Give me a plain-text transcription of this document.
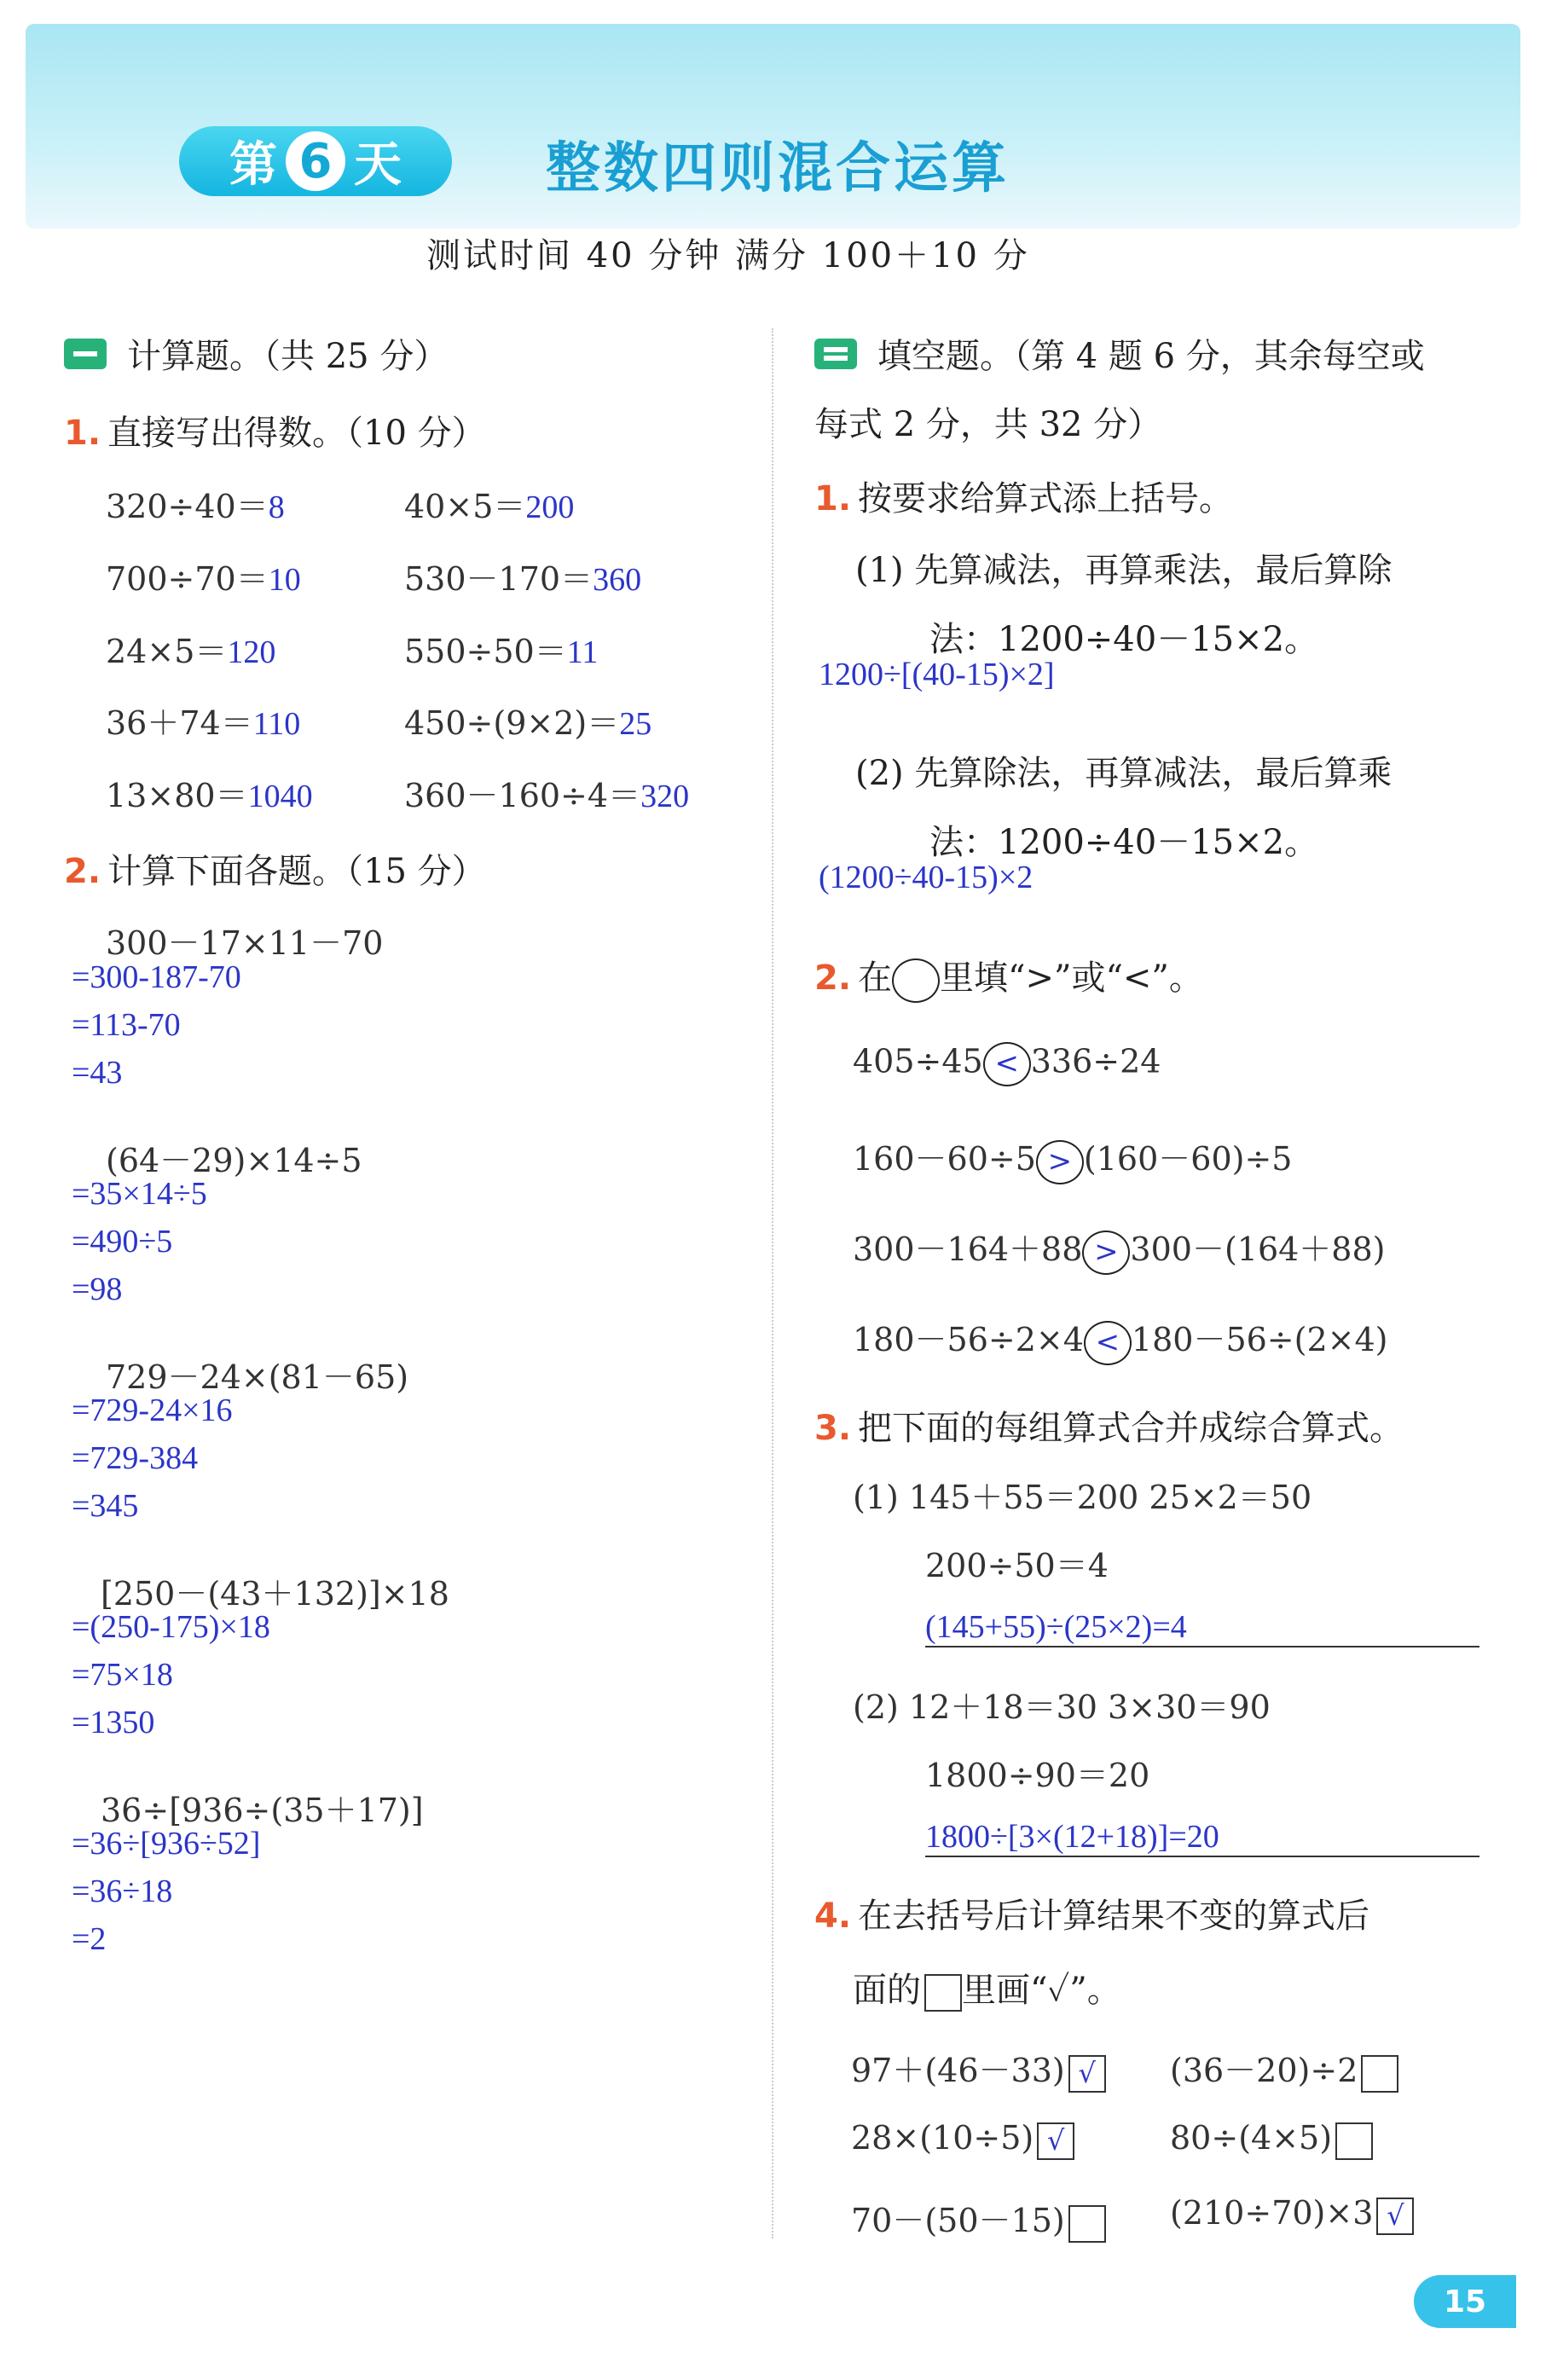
第 6 天	整数四则混合运算
测试时间 40 分钟 满分 100＋10 分
计算题。（共 25 分）
1. 直接写出得数。（10 分）
320÷40＝8	40×5＝200
700÷70＝10	530－170＝360
24×5＝120	550÷50＝11
36＋74＝110	450÷(9×2)＝25
13×80＝1040	360－160÷4＝320
2. 计算下面各题。（15 分）
300－17×11－70
=300-187-70
=113-70
=43
(64－29)×14÷5
=35×14÷5
=490÷5
=98
729－24×(81－65)
=729-24×16
=729-384
=345
[250－(43＋132)]×18
=(250-175)×18
=75×18
=1350
36÷[936÷(35＋17)]
=36÷[936÷52]
=36÷18
=2
填空题。（第 4 题 6 分，其余每空或
每式 2 分，共 32 分）
1. 按要求给算式添上括号。
(1) 先算减法，再算乘法，最后算除
法：1200÷40－15×2。
1200÷[(40-15)×2]
(2) 先算除法，再算减法，最后算乘
法：1200÷40－15×2。
(1200÷40-15)×2
2. 在 里填“>”或“<”。
405÷45 < 336÷24
160－60÷5 > (160－60)÷5
300－164＋88 > 300－(164＋88)
180－56÷2×4 < 180－56÷(2×4)
3. 把下面的每组算式合并成综合算式。
(1) 145＋55＝200 25×2＝50
200÷50＝4
(145+55)÷(25×2)=4
(2) 12＋18＝30 3×30＝90
1800÷90＝20
1800÷[3×(12+18)]=20
4. 在去括号后计算结果不变的算式后
面的 里画“✓”。
97＋(46－33) √	(36－20)÷2
28×(10÷5) √	80÷(4×5)
70－(50－15)	(210÷70)×3 √
15
